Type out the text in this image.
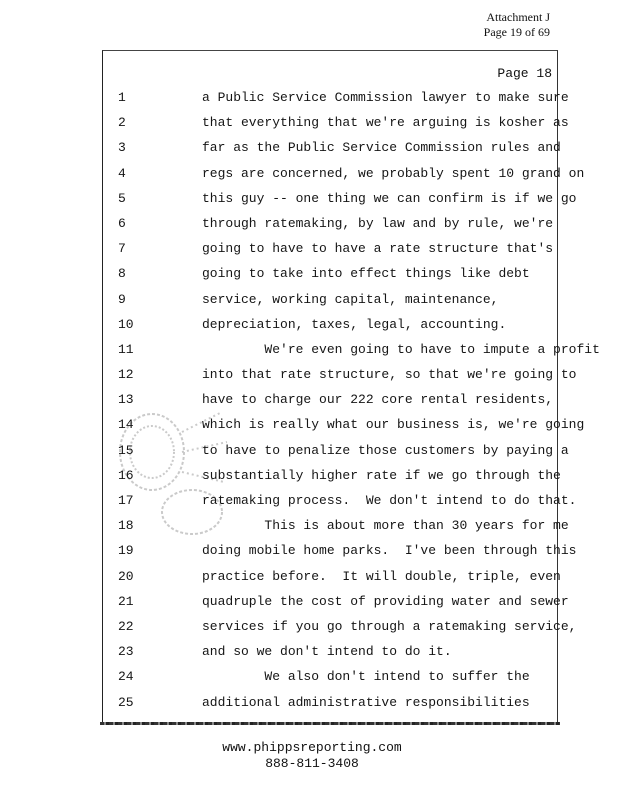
Attachment J
Page 19 of 69
Page 18
1	a Public Service Commission lawyer to make sure
2	that everything that we're arguing is kosher as
3	far as the Public Service Commission rules and
4	regs are concerned, we probably spent 10 grand on
5	this guy -- one thing we can confirm is if we go
6	through ratemaking, by law and by rule, we're
7	going to have to have a rate structure that's
8	going to take into effect things like debt
9	service, working capital, maintenance,
10	depreciation, taxes, legal, accounting.
11	We're even going to have to impute a profit
12	into that rate structure, so that we're going to
13	have to charge our 222 core rental residents,
14	which is really what our business is, we're going
15	to have to penalize those customers by paying a
16	substantially higher rate if we go through the
17	ratemaking process.  We don't intend to do that.
18	This is about more than 30 years for me
19	doing mobile home parks.  I've been through this
20	practice before.  It will double, triple, even
21	quadruple the cost of providing water and sewer
22	services if you go through a ratemaking service,
23	and so we don't intend to do it.
24	We also don't intend to suffer the
25	additional administrative responsibilities
www.phippsreporting.com
888-811-3408
